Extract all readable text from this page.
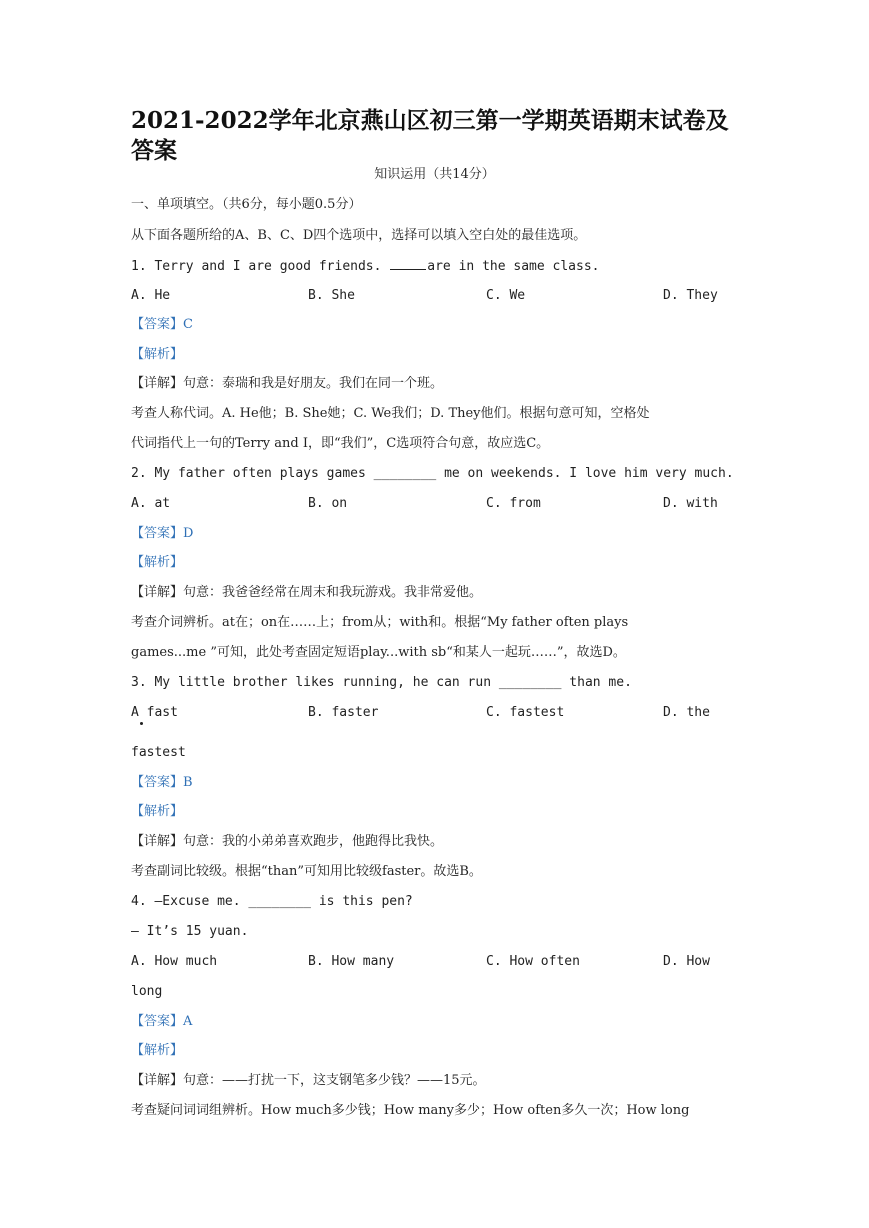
2021-2022学年北京燕山区初三第一学期英语期末试卷及答案
知识运用（共14分）
一、单项填空。（共6分，每小题0.5分）
从下面各题所给的A、B、C、D四个选项中，选择可以填入空白处的最佳选项。
1. Terry and I are good friends.	are in the same class.
A. He	B. She	C. We	D. They
【答案】C
【解析】
【详解】句意：泰瑞和我是好朋友。我们在同一个班。
考查人称代词。A. He他；B. She她；C. We我们；D. They他们。根据句意可知，空格处
代词指代上一句的Terry and I，即“我们”，C选项符合句意，故应选C。
2. My father often plays games ________ me on weekends. I love him very much.
A. at	B. on	C. from	D. with
【答案】D
【解析】
【详解】句意：我爸爸经常在周末和我玩游戏。我非常爱他。
考查介词辨析。at在；on在……上；from从；with和。根据“My father often plays
games...me ”可知，此处考查固定短语play...with sb“和某人一起玩……”，故选D。
3. My little brother likes running, he can run ________ than me.
A fast	B. faster	C. fastest	D. the
fastest
【答案】B
【解析】
【详解】句意：我的小弟弟喜欢跑步，他跑得比我快。
考查副词比较级。根据“than”可知用比较级faster。故选B。
4. —Excuse me. ________ is this pen?
— It’s 15 yuan.
A. How much	B. How many	C. How often	D. How
long
【答案】A
【解析】
【详解】句意：——打扰一下，这支钢笔多少钱？——15元。
考查疑问词词组辨析。How much多少钱；How many多少；How often多久一次；How long
